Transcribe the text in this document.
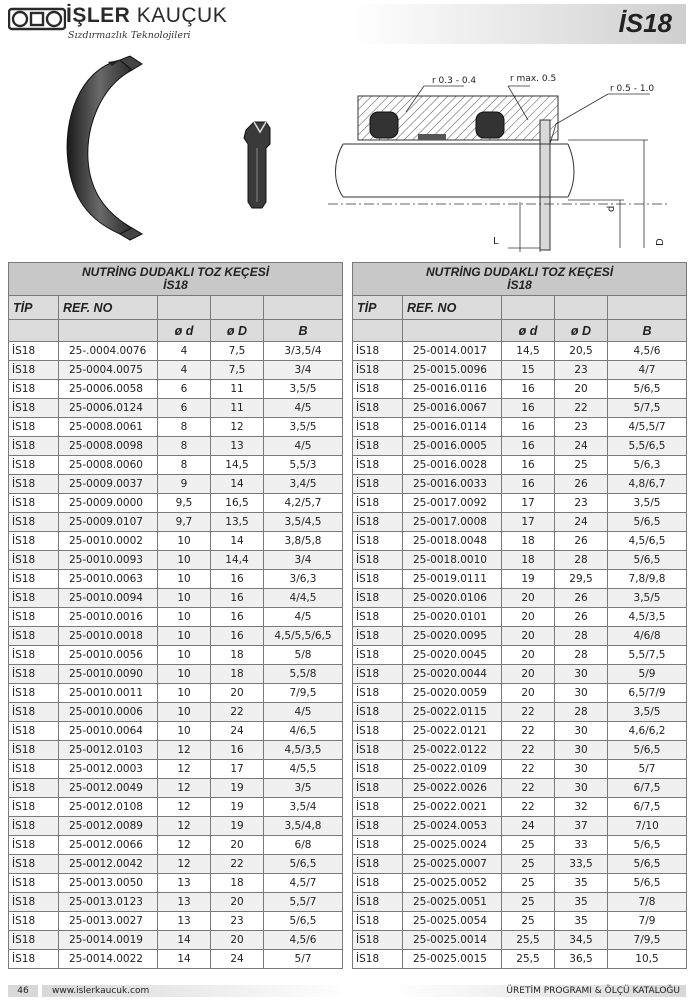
İŞLER KAUÇUK
Sızdırmazlık Teknolojileri	İS18
r 0.3 - 0.4	r max. 0.5
r 0.5 - 1.0
d
D
L
NUTRİNG DUDAKLI TOZ KEÇESİ
İS18				

TİP	REF. NO			
		ø d	ø D	B
İS18	25-.0004.0076	4	7,5	3/3,5/4
İS18	25-0004.0075	4	7,5	3/4
İS18	25-0006.0058	6	11	3,5/5
İS18	25-0006.0124	6	11	4/5
İS18	25-0008.0061	8	12	3,5/5
İS18	25-0008.0098	8	13	4/5
İS18	25-0008.0060	8	14,5	5,5/3
İS18	25-0009.0037	9	14	3,4/5
İS18	25-0009.0000	9,5	16,5	4,2/5,7
İS18	25-0009.0107	9,7	13,5	3,5/4,5
İS18	25-0010.0002	10	14	3,8/5,8
İS18	25-0010.0093	10	14,4	3/4
İS18	25-0010.0063	10	16	3/6,3
İS18	25-0010.0094	10	16	4/4,5
İS18	25-0010.0016	10	16	4/5
İS18	25-0010.0018	10	16	4,5/5,5/6,5
İS18	25-0010.0056	10	18	5/8
İS18	25-0010.0090	10	18	5,5/8
İS18	25-0010.0011	10	20	7/9,5
İS18	25-0010.0006	10	22	4/5
İS18	25-0010.0064	10	24	4/6,5
İS18	25-0012.0103	12	16	4,5/3,5
İS18	25-0012.0003	12	17	4/5,5
İS18	25-0012.0049	12	19	3/5
İS18	25-0012.0108	12	19	3,5/4
İS18	25-0012.0089	12	19	3,5/4,8
İS18	25-0012.0066	12	20	6/8
İS18	25-0012.0042	12	22	5/6,5
İS18	25-0013.0050	13	18	4,5/7
İS18	25-0013.0123	13	20	5,5/7
İS18	25-0013.0027	13	23	5/6,5
İS18	25-0014.0019	14	20	4,5/6
İS18	25-0014.0022	14	24	5/7
NUTRİNG DUDAKLI TOZ KEÇESİ
İS18				

TİP	REF. NO			
		ø d	ø D	B
İS18	25-0014.0017	14,5	20,5	4,5/6
İS18	25-0015.0096	15	23	4/7
İS18	25-0016.0116	16	20	5/6,5
İS18	25-0016.0067	16	22	5/7,5
İS18	25-0016.0114	16	23	4/5,5/7
İS18	25-0016.0005	16	24	5,5/6,5
İS18	25-0016.0028	16	25	5/6,3
İS18	25-0016.0033	16	26	4,8/6,7
İS18	25-0017.0092	17	23	3,5/5
İS18	25-0017.0008	17	24	5/6,5
İS18	25-0018.0048	18	26	4,5/6,5
İS18	25-0018.0010	18	28	5/6,5
İS18	25-0019.0111	19	29,5	7,8/9,8
İS18	25-0020.0106	20	26	3,5/5
İS18	25-0020.0101	20	26	4,5/3,5
İS18	25-0020.0095	20	28	4/6/8
İS18	25-0020.0045	20	28	5,5/7,5
İS18	25-0020.0044	20	30	5/9
İS18	25-0020.0059	20	30	6,5/7/9
İS18	25-0022.0115	22	28	3,5/5
İS18	25-0022.0121	22	30	4,6/6,2
İS18	25-0022.0122	22	30	5/6,5
İS18	25-0022.0109	22	30	5/7
İS18	25-0022.0026	22	30	6/7,5
İS18	25-0022.0021	22	32	6/7,5
İS18	25-0024.0053	24	37	7/10
İS18	25-0025.0024	25	33	5/6,5
İS18	25-0025.0007	25	33,5	5/6,5
İS18	25-0025.0052	25	35	5/6,5
İS18	25-0025.0051	25	35	7/8
İS18	25-0025.0054	25	35	7/9
İS18	25-0025.0014	25,5	34,5	7/9,5
İS18	25-0025.0015	25,5	36,5	10,5
46	www.islerkaucuk.com	ÜRETİM PROGRAMI & ÖLÇÜ KATALOĞU
